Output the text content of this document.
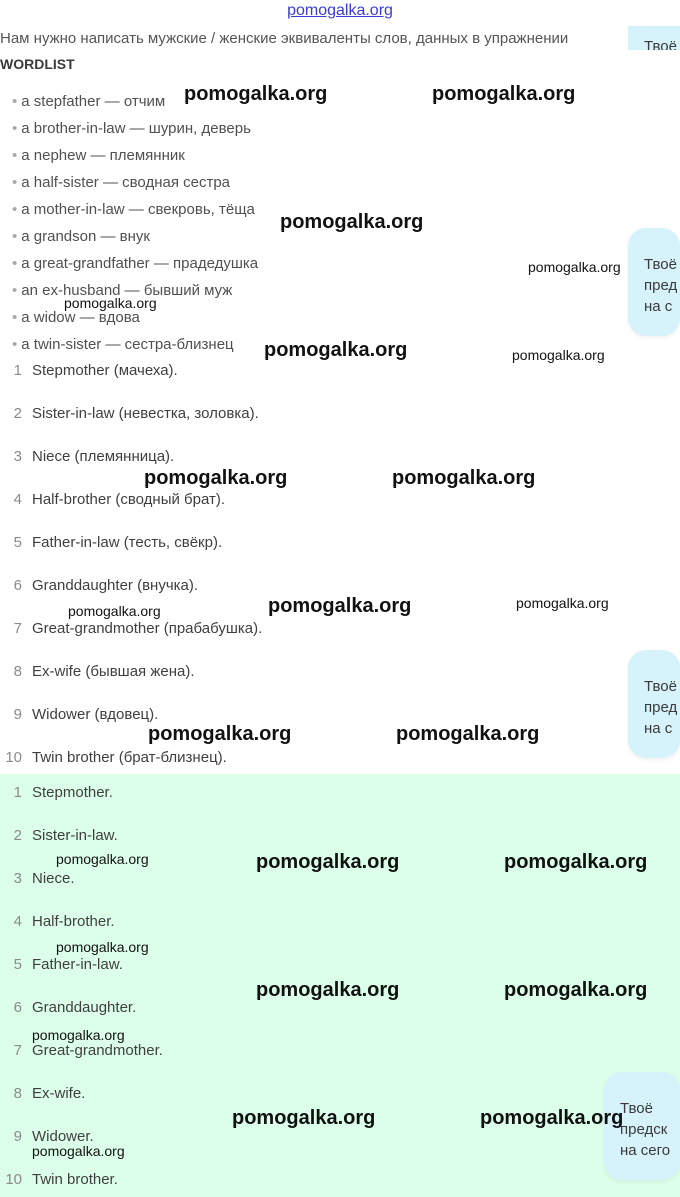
pomogalka.org
Нам нужно написать мужские / женские эквиваленты слов, данных в упражнении
WORDLIST
• a stepfather — отчим
• a brother-in-law — шурин, деверь
• a nephew — племянник
• a half-sister — сводная сестра
• a mother-in-law — свекровь, тёща
• a grandson — внук
• a great-grandfather — прадедушка
• an ex-husband — бывший муж
• a widow — вдова
• a twin-sister — сестра-близнец
1 Stepmother (мачеха).
2 Sister-in-law (невестка, золовка).
3 Niece (племянница).
4 Half-brother (сводный брат).
5 Father-in-law (тесть, свёкр).
6 Granddaughter (внучка).
7 Great-grandmother (прабабушка).
8 Ex-wife (бывшая жена).
9 Widower (вдовец).
10 Twin brother (брат-близнец).
1 Stepmother.
2 Sister-in-law.
3 Niece.
4 Half-brother.
5 Father-in-law.
6 Granddaughter.
7 Great-grandmother.
8 Ex-wife.
9 Widower.
10 Twin brother.
Твоё
Твоё
пред
на с
Твоё
пред
на с
Твоё
предск
на сего
pomogalka.org	pomogalka.org
pomogalka.org
pomogalka.org
pomogalka.org
pomogalka.org	pomogalka.org
pomogalka.org	pomogalka.org
pomogalka.org	pomogalka.org	pomogalka.org
pomogalka.org	pomogalka.org
pomogalka.org	pomogalka.org	pomogalka.org
pomogalka.org
pomogalka.org	pomogalka.org
pomogalka.org
pomogalka.org	pomogalka.org
pomogalka.org
